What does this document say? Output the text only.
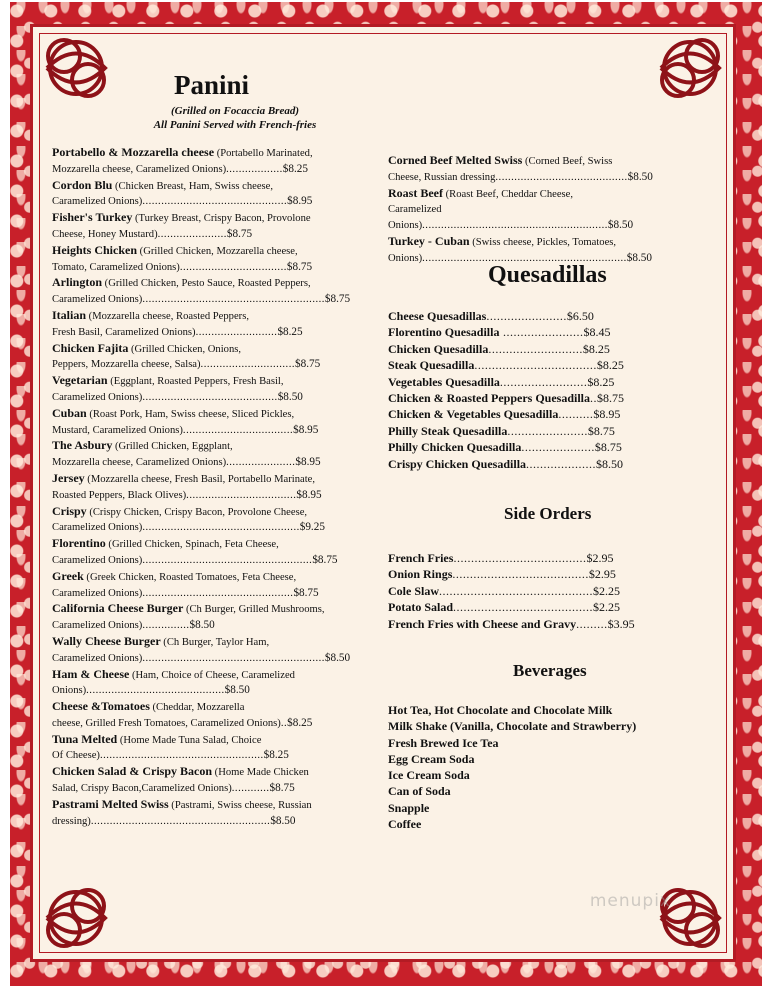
menupix
Panini
(Grilled on Focaccia Bread)
All Panini Served with French-fries
Portabello & Mozzarella cheese (Portabello Marinated,
Mozzarella cheese, Caramelized Onions)..................$8.25
Cordon Blu (Chicken Breast, Ham, Swiss cheese,
Caramelized Onions)..............................................$8.95
Fisher's Turkey (Turkey Breast, Crispy Bacon, Provolone
Cheese, Honey Mustard)......................$8.75
Heights Chicken (Grilled Chicken, Mozzarella cheese,
Tomato, Caramelized Onions)..................................$8.75
Arlington (Grilled Chicken, Pesto Sauce, Roasted Peppers,
Caramelized Onions)..........................................................$8.75
Italian (Mozzarella cheese, Roasted Peppers,
Fresh Basil, Caramelized Onions)..........................$8.25
Chicken Fajita (Grilled Chicken, Onions,
Peppers, Mozzarella cheese, Salsa)..............................$8.75
Vegetarian (Eggplant, Roasted Peppers, Fresh Basil,
Caramelized Onions)...........................................$8.50
Cuban (Roast Pork, Ham, Swiss cheese, Sliced Pickles,
Mustard, Caramelized Onions)...................................$8.95
The Asbury (Grilled Chicken, Eggplant,
Mozzarella cheese, Caramelized Onions)......................$8.95
Jersey (Mozzarella cheese, Fresh Basil, Portabello Marinate,
Roasted Peppers, Black Olives)...................................$8.95
Crispy (Crispy Chicken, Crispy Bacon, Provolone Cheese,
Caramelized Onions)..................................................$9.25
Florentino (Grilled Chicken, Spinach, Feta Cheese,
Caramelized Onions)......................................................$8.75
Greek (Greek Chicken, Roasted Tomatoes, Feta Cheese,
Caramelized Onions)................................................$8.75
California Cheese Burger (Ch Burger, Grilled Mushrooms,
Caramelized Onions)...............$8.50
Wally Cheese Burger (Ch Burger, Taylor Ham,
Caramelized Onions)..........................................................$8.50
Ham & Cheese (Ham, Choice of Cheese, Caramelized
Onions)............................................$8.50
Cheese &Tomatoes (Cheddar, Mozzarella
cheese, Grilled Fresh Tomatoes, Caramelized Onions)..$8.25
Tuna Melted (Home Made Tuna Salad, Choice
Of Cheese)....................................................$8.25
Chicken Salad & Crispy Bacon (Home Made Chicken
Salad, Crispy Bacon,Caramelized Onions)............$8.75
Pastrami Melted Swiss (Pastrami, Swiss cheese, Russian
dressing).........................................................$8.50
Corned Beef Melted Swiss (Corned Beef, Swiss
Cheese, Russian dressing..........................................$8.50
Roast Beef (Roast Beef, Cheddar Cheese,
Caramelized Onions)...........................................................$8.50
Turkey - Cuban (Swiss cheese, Pickles, Tomatoes,
Onions).................................................................$8.50
Quesadillas
Cheese Quesadillas.......................$6.50
Florentino Quesadilla .......................$8.45
Chicken Quesadilla...........................$8.25
Steak Quesadilla...................................$8.25
Vegetables Quesadilla.........................$8.25
Chicken & Roasted Peppers Quesadilla..$8.75
Chicken & Vegetables Quesadilla..........$8.95
Philly Steak Quesadilla.......................$8.75
Philly Chicken Quesadilla.....................$8.75
Crispy Chicken Quesadilla....................$8.50
Side Orders
French Fries......................................$2.95
Onion Rings.......................................$2.95
Cole Slaw............................................$2.25
Potato Salad........................................$2.25
French Fries with Cheese and Gravy.........$3.95
Beverages
Hot Tea, Hot Chocolate and Chocolate Milk
Milk Shake (Vanilla, Chocolate and Strawberry)
Fresh Brewed Ice Tea
Egg Cream Soda
Ice Cream Soda
Can of Soda
Snapple
Coffee
